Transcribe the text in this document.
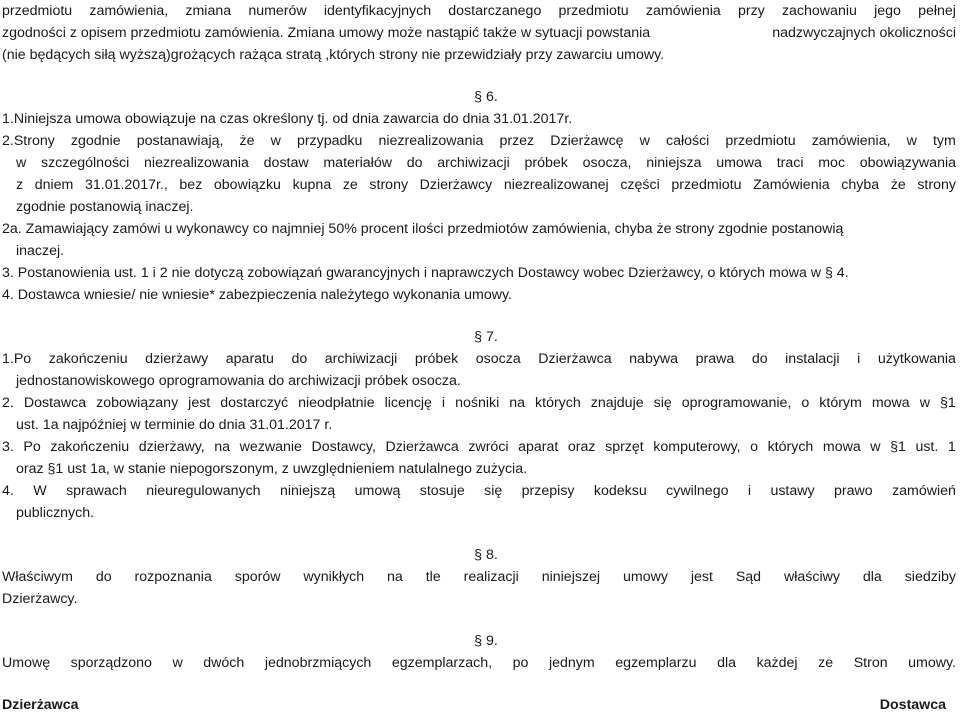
przedmiotu zamówienia, zmiana numerów identyfikacyjnych dostarczanego przedmiotu zamówienia przy zachowaniu jego pełnej
zgodności z opisem przedmiotu zamówienia. Zmiana umowy może nastąpić także w sytuacji powstania	nadzwyczajnych okoliczności
(nie będących siłą wyższą)grożących rażąca stratą ,których strony nie przewidziały przy zawarciu umowy.
§ 6.
1.Niniejsza umowa obowiązuje na czas określony tj. od dnia zawarcia do dnia 31.01.2017r.
2.Strony zgodnie postanawiają, że w przypadku niezrealizowania przez Dzierżawcę w całości przedmiotu zamówienia, w tym
w szczególności niezrealizowania dostaw materiałów do archiwizacji próbek osocza, niniejsza umowa traci moc obowiązywania
z dniem 31.01.2017r., bez obowiązku kupna ze strony Dzierżawcy niezrealizowanej części przedmiotu Zamówienia chyba że strony
zgodnie postanowią inaczej.
2a. Zamawiający zamówi u wykonawcy co najmniej 50% procent ilości przedmiotów zamówienia, chyba że strony zgodnie postanowią
inaczej.
3. Postanowienia ust. 1 i 2 nie dotyczą zobowiązań gwarancyjnych i naprawczych Dostawcy wobec Dzierżawcy, o których mowa w § 4.
4. Dostawca wniesie/ nie wniesie* zabezpieczenia należytego wykonania umowy.
§ 7.
1.Po zakończeniu dzierżawy aparatu do archiwizacji próbek osocza Dzierżawca nabywa prawa do instalacji i użytkowania
jednostanowiskowego oprogramowania do archiwizacji próbek osocza.
2. Dostawca zobowiązany jest dostarczyć nieodpłatnie licencję i nośniki na których znajduje się oprogramowanie, o którym mowa w §1
ust. 1a najpóźniej w terminie do dnia 31.01.2017 r.
3. Po zakończeniu dzierżawy, na wezwanie Dostawcy, Dzierżawca zwróci aparat oraz sprzęt komputerowy, o których mowa w §1 ust. 1
oraz §1 ust 1a, w stanie niepogorszonym, z uwzględnieniem natulalnego zużycia.
4. W sprawach nieuregulowanych niniejszą umową stosuje się przepisy kodeksu cywilnego i ustawy prawo zamówień
publicznych.
§ 8.
Właściwym do rozpoznania sporów wynikłych na tle realizacji niniejszej umowy jest Sąd właściwy dla siedziby
Dzierżawcy.
§ 9.
Umowę sporządzono w dwóch jednobrzmiących egzemplarzach, po jednym egzemplarzu dla każdej ze Stron umowy.
Dzierżawca	Dostawca
